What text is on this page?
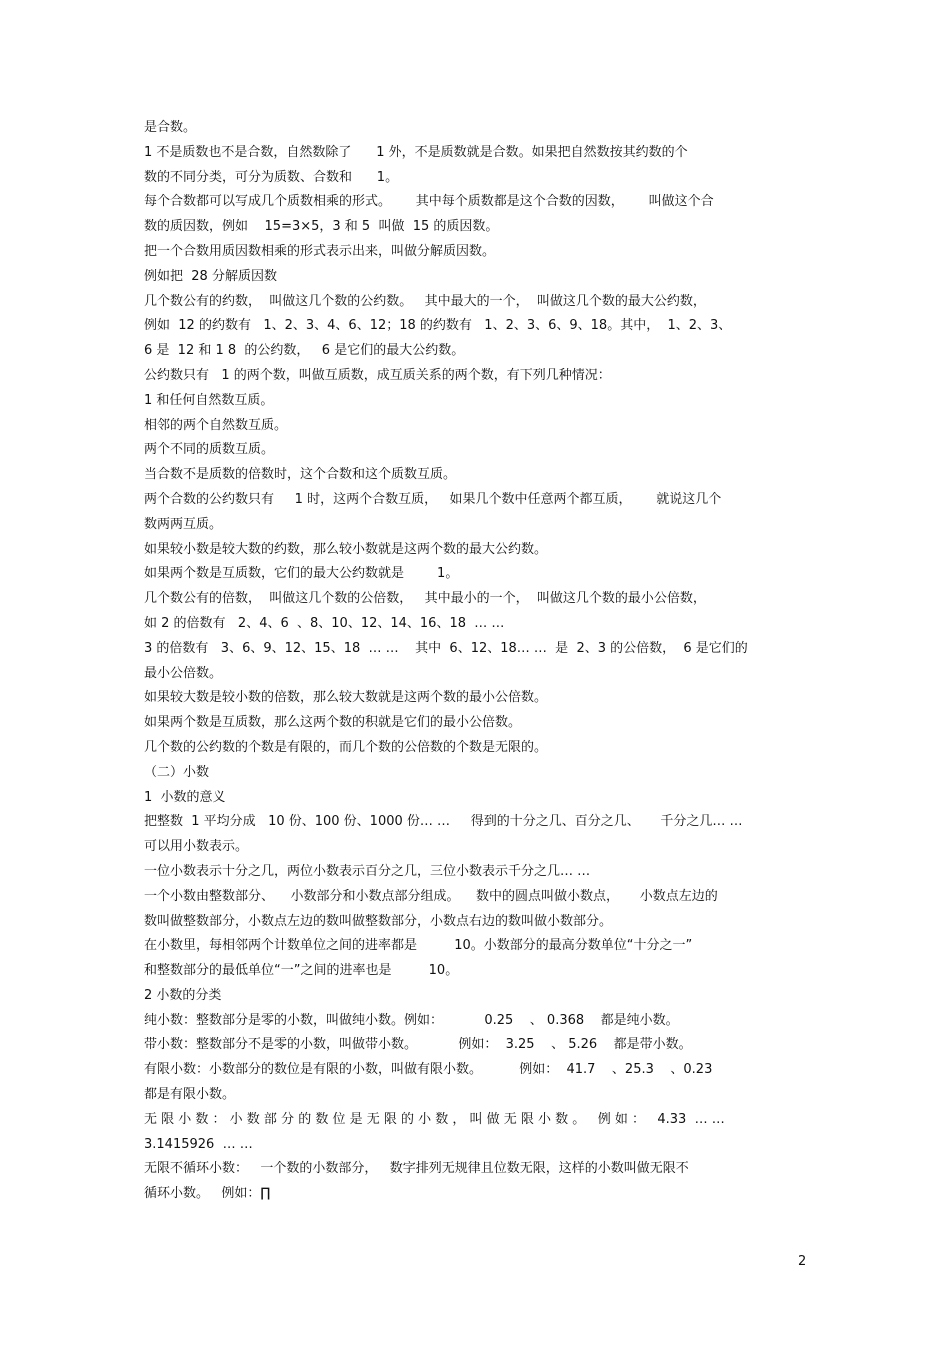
是合数。
1 不是质数也不是合数，自然数除了      1 外，不是质数就是合数。如果把自然数按其约数的个
数的不同分类，可分为质数、合数和      1。
每个合数都可以写成几个质数相乘的形式。      其中每个质数都是这个合数的因数，      叫做这个合
数的质因数，例如    15=3×5，3 和 5  叫做  15 的质因数。
把一个合数用质因数相乘的形式表示出来，叫做分解质因数。
例如把  28 分解质因数
几个数公有的约数，  叫做这几个数的公约数。   其中最大的一个，  叫做这几个数的最大公约数，
例如  12 的约数有   1、2、3、4、6、12；18 的约数有   1、2、3、6、9、18。其中，  1、2、3、
6 是  12 和 1 8  的公约数，   6 是它们的最大公约数。
公约数只有   1 的两个数，叫做互质数，成互质关系的两个数，有下列几种情况：
1 和任何自然数互质。
相邻的两个自然数互质。
两个不同的质数互质。
当合数不是质数的倍数时，这个合数和这个质数互质。
两个合数的公约数只有     1 时，这两个合数互质，   如果几个数中任意两个都互质，      就说这几个
数两两互质。
如果较小数是较大数的约数，那么较小数就是这两个数的最大公约数。
如果两个数是互质数，它们的最大公约数就是        1。
几个数公有的倍数，  叫做这几个数的公倍数，   其中最小的一个，  叫做这几个数的最小公倍数，
如 2 的倍数有   2、4、6  、8、10、12、14、16、18  … …
3 的倍数有   3、6、9、12、15、18  … …    其中  6、12、18… …  是  2、3 的公倍数，  6 是它们的
最小公倍数。
如果较大数是较小数的倍数，那么较大数就是这两个数的最小公倍数。
如果两个数是互质数，那么这两个数的积就是它们的最小公倍数。
几个数的公约数的个数是有限的，而几个数的公倍数的个数是无限的。
（二）小数
1  小数的意义
把整数  1 平均分成   10 份、100 份、1000 份… …     得到的十分之几、百分之几、     千分之几… …
可以用小数表示。
一位小数表示十分之几，两位小数表示百分之几，三位小数表示千分之几… …
一个小数由整数部分、    小数部分和小数点部分组成。    数中的圆点叫做小数点，     小数点左边的
数叫做整数部分，小数点左边的数叫做整数部分，小数点右边的数叫做小数部分。
在小数里，每相邻两个计数单位之间的进率都是         10。小数部分的最高分数单位“十分之一”
和整数部分的最低单位“一”之间的进率也是         10。
2 小数的分类
纯小数：整数部分是零的小数，叫做纯小数。例如：          0.25    、 0.368    都是纯小数。
带小数：整数部分不是零的小数，叫做带小数。          例如：  3.25    、 5.26    都是带小数。
有限小数：小数部分的数位是有限的小数，叫做有限小数。         例如：  41.7    、25.3    、0.23
都是有限小数。
无 限 小 数 ： 小 数 部 分 的 数 位 是 无 限 的 小 数 ， 叫 做 无 限 小 数 。   例 如 ：   4.33  … …
3.1415926  … …
无限不循环小数：   一个数的小数部分，   数字排列无规律且位数无限，这样的小数叫做无限不
循环小数。   例如：∏
2
